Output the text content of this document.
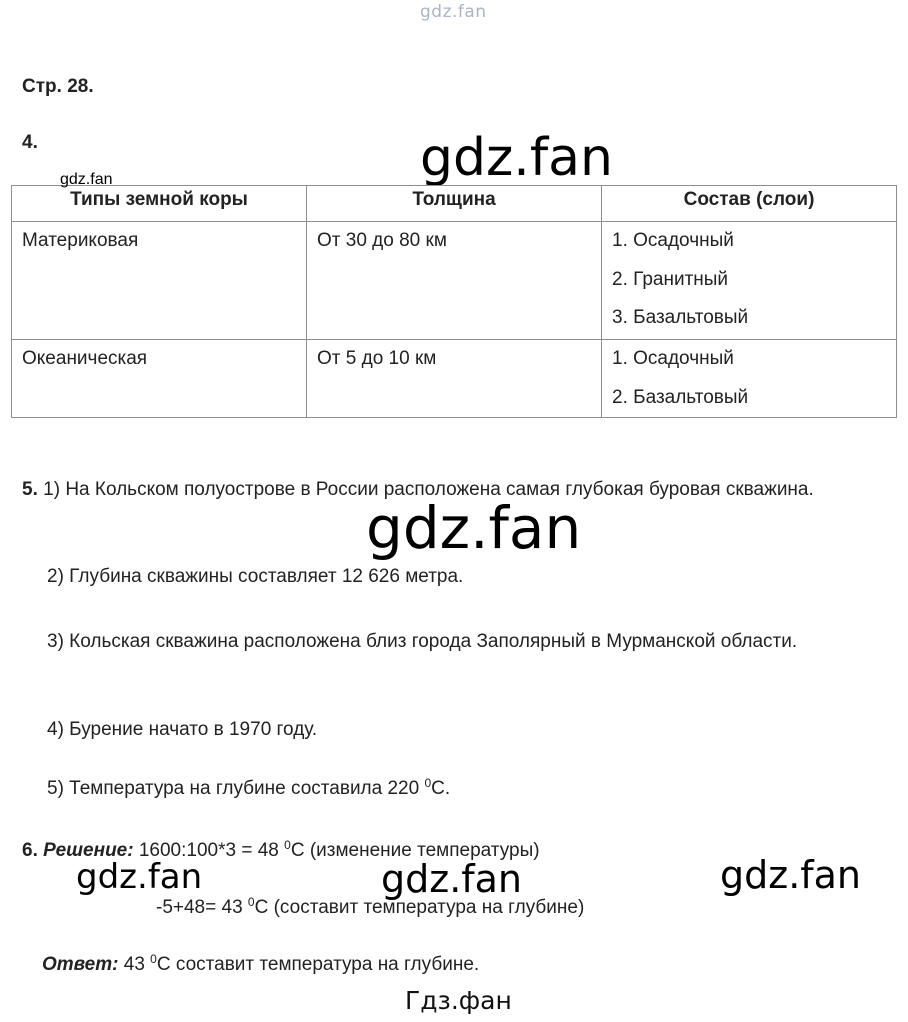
gdz.fan
Стр. 28.
4.	gdz.fan
Типы земной коры	Толщина	Состав (слои)

Материковая	От 30 до 80 км	1. Осадочный
2. Гранитный
3. Базальтовый

Океаническая	От 5 до 10 км	1. Осадочный
2. Базальтовый
gdz.fan
5. 1) На Кольском полуострове в России расположена самая глубокая буровая скважина.
gdz.fan
2) Глубина скважины составляет 12 626 метра.
3) Кольская скважина расположена близ города Заполярный в Мурманской области.
4) Бурение начато в 1970 году.
5) Температура на глубине составила 220 $^0$С.
6. Решение: 1600:100*3 = 48 $^0$С (изменение температуры)
gdz.fan	gdz.fan	gdz.fan
-5+48= 43 $^0$С (составит температура на глубине)
Ответ: 43 $^0$С составит температура на глубине.
Гдз.фан
